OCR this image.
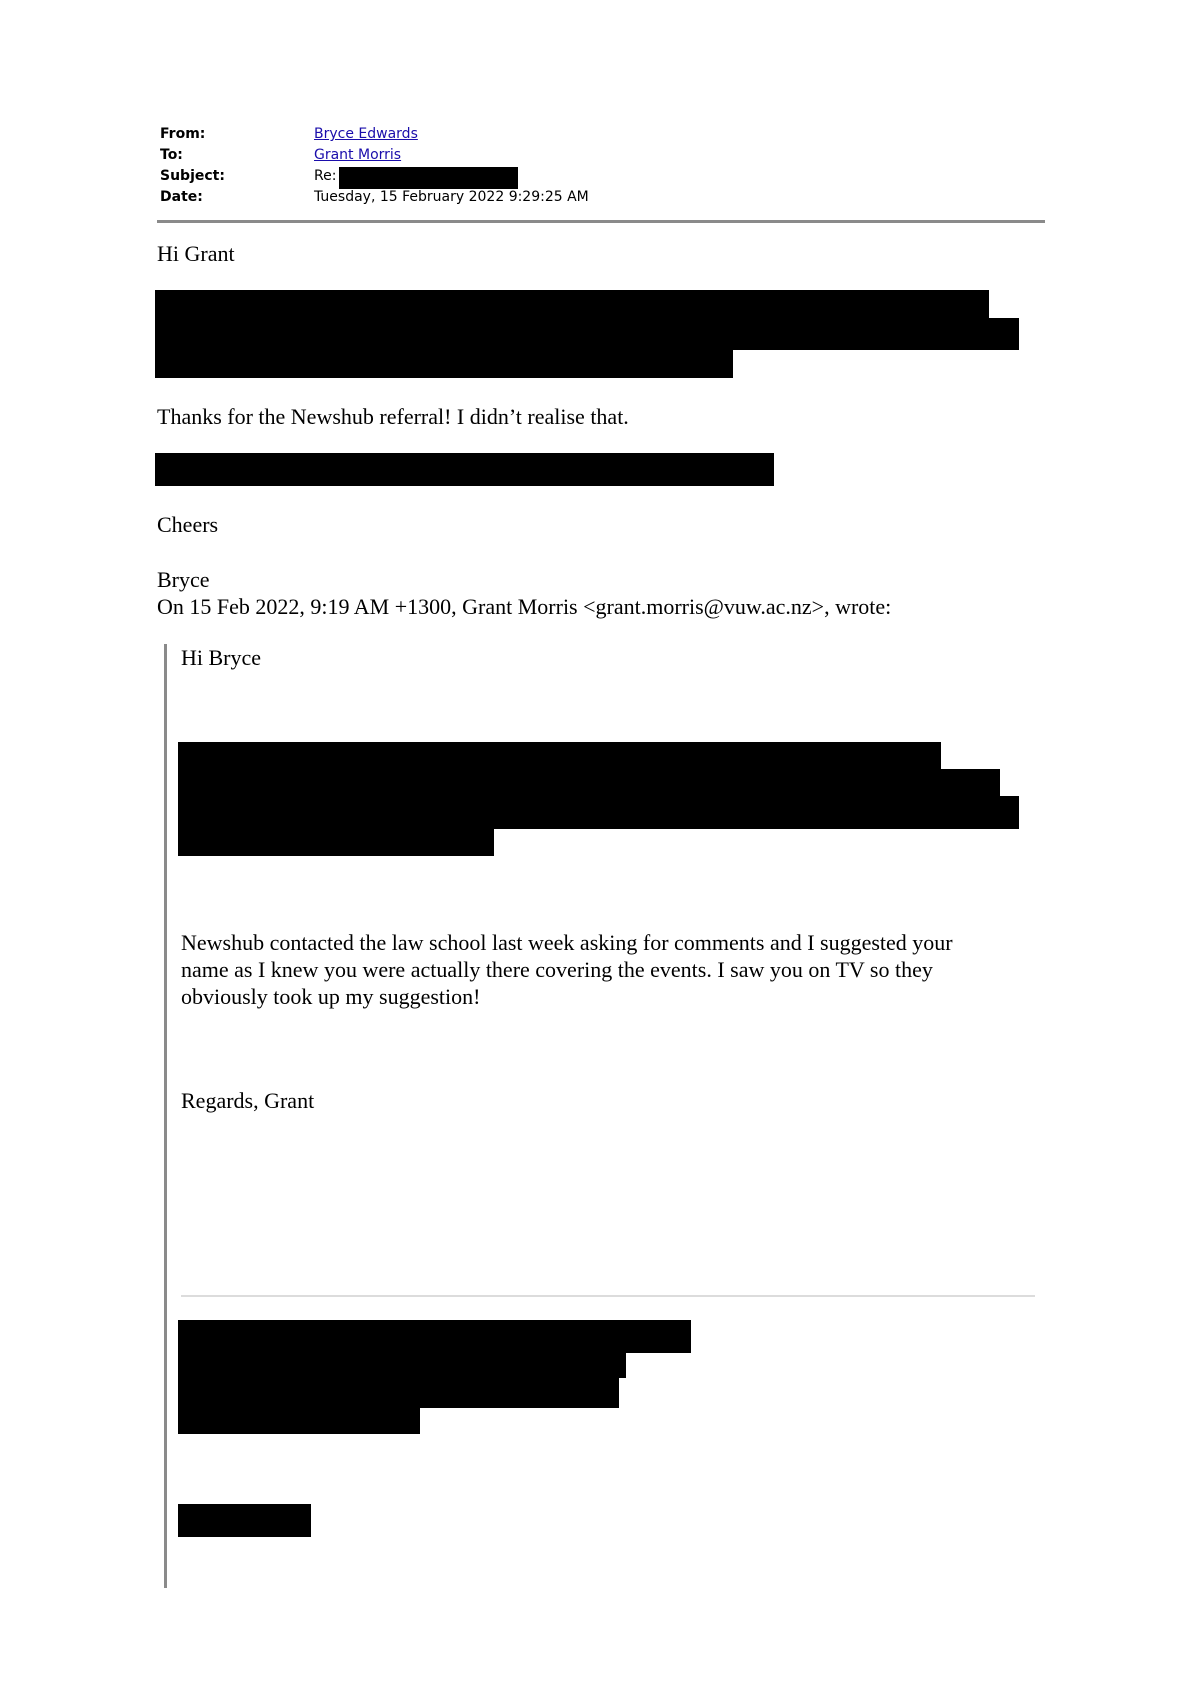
From:	Bryce Edwards
To:	Grant Morris
Subject:	Re:
Date:	Tuesday, 15 February 2022 9:29:25 AM
Hi Grant
Thanks for the Newshub referral! I didn’t realise that.
Cheers
Bryce
On 15 Feb 2022, 9:19 AM +1300, Grant Morris <grant.morris@vuw.ac.nz>, wrote:
Hi Bryce
Newshub contacted the law school last week asking for comments and I suggested your
name as I knew you were actually there covering the events. I saw you on TV so they
obviously took up my suggestion!
Regards, Grant
